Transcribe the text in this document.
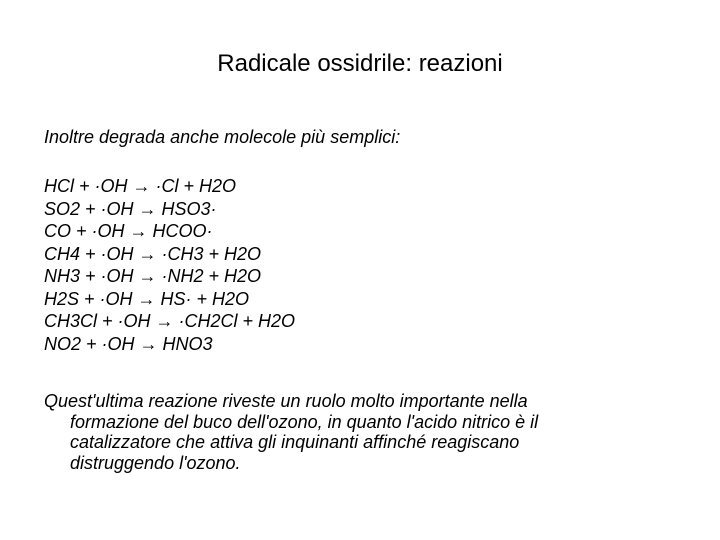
Radicale ossidrile: reazioni

Inoltre degrada anche molecole più semplici:

HCl + ·OH → ·Cl + H2O
SO2 + ·OH → HSO3·
CO + ·OH → HCOO·
CH4 + ·OH → ·CH3 + H2O
NH3 + ·OH → ·NH2 + H2O
H2S + ·OH → HS· + H2O
CH3Cl + ·OH → ·CH2Cl + H2O
NO2 + ·OH → HNO3

Quest'ultima reazione riveste un ruolo molto importante nella
formazione del buco dell'ozono, in quanto l'acido nitrico è il
catalizzatore che attiva gli inquinanti affinché reagiscano
distruggendo l'ozono.
